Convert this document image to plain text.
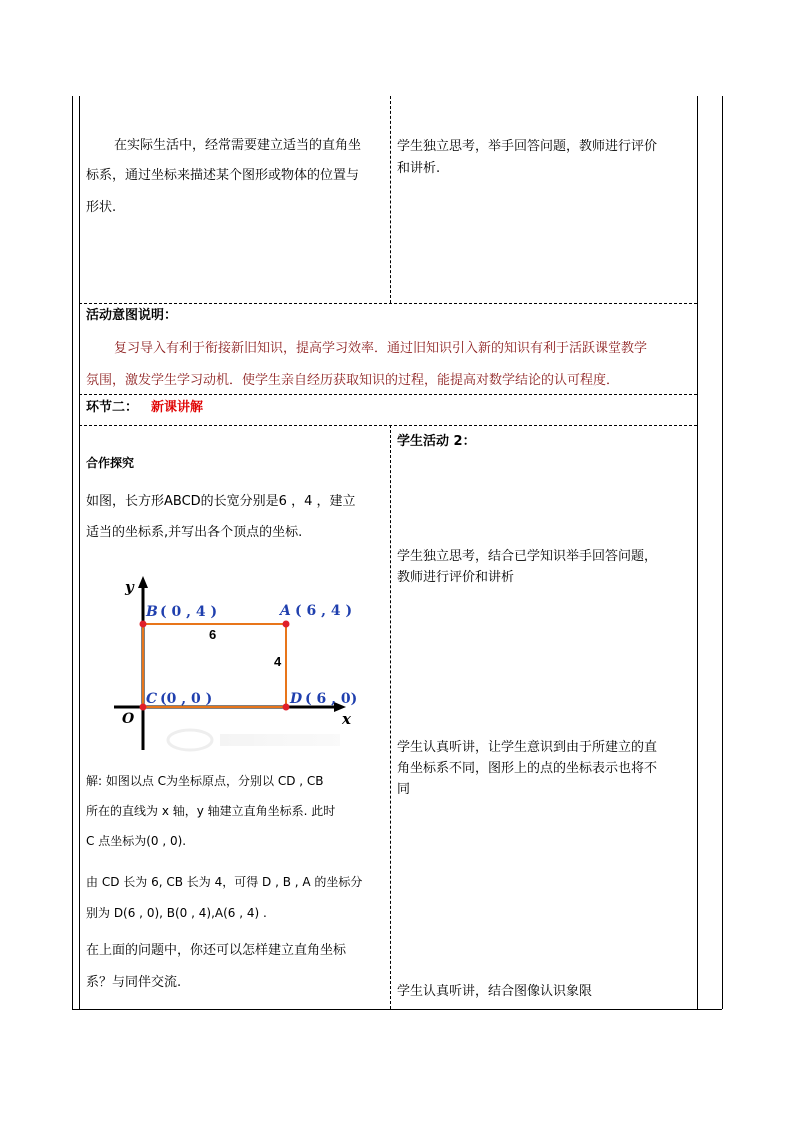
在实际生活中，经常需要建立适当的直角坐
标系，通过坐标来描述某个图形或物体的位置与
形状.
学生独立思考，举手回答问题，教师进行评价
和讲析.
活动意图说明：
复习导入有利于衔接新旧知识，提高学习效率．通过旧知识引入新的知识有利于活跃课堂教学
氛围，激发学生学习动机．使学生亲自经历获取知识的过程，能提高对数学结论的认可程度．
环节二： 新课讲解
合作探究
如图，长方形ABCD的长宽分别是6 ，4 ，建立
适当的坐标系,并写出各个顶点的坐标.
y
x
O
6
4
B ( 0 , 4 )	A ( 6 , 4 )
C (0 , 0 )	D ( 6 , 0)
解: 如图以点 C为坐标原点，分别以 CD , CB
所在的直线为 x 轴，y 轴建立直角坐标系. 此时
C 点坐标为(0 , 0).
由 CD 长为 6, CB 长为 4，可得 D , B , A 的坐标分
别为 D(6 , 0), B(0 , 4),A(6 , 4) .
在上面的问题中，你还可以怎样建立直角坐标
系？与同伴交流.
学生活动 2：
学生独立思考，结合已学知识举手回答问题，
教师进行评价和讲析
学生认真听讲，让学生意识到由于所建立的直
角坐标系不同，图形上的点的坐标表示也将不
同
学生认真听讲，结合图像认识象限
